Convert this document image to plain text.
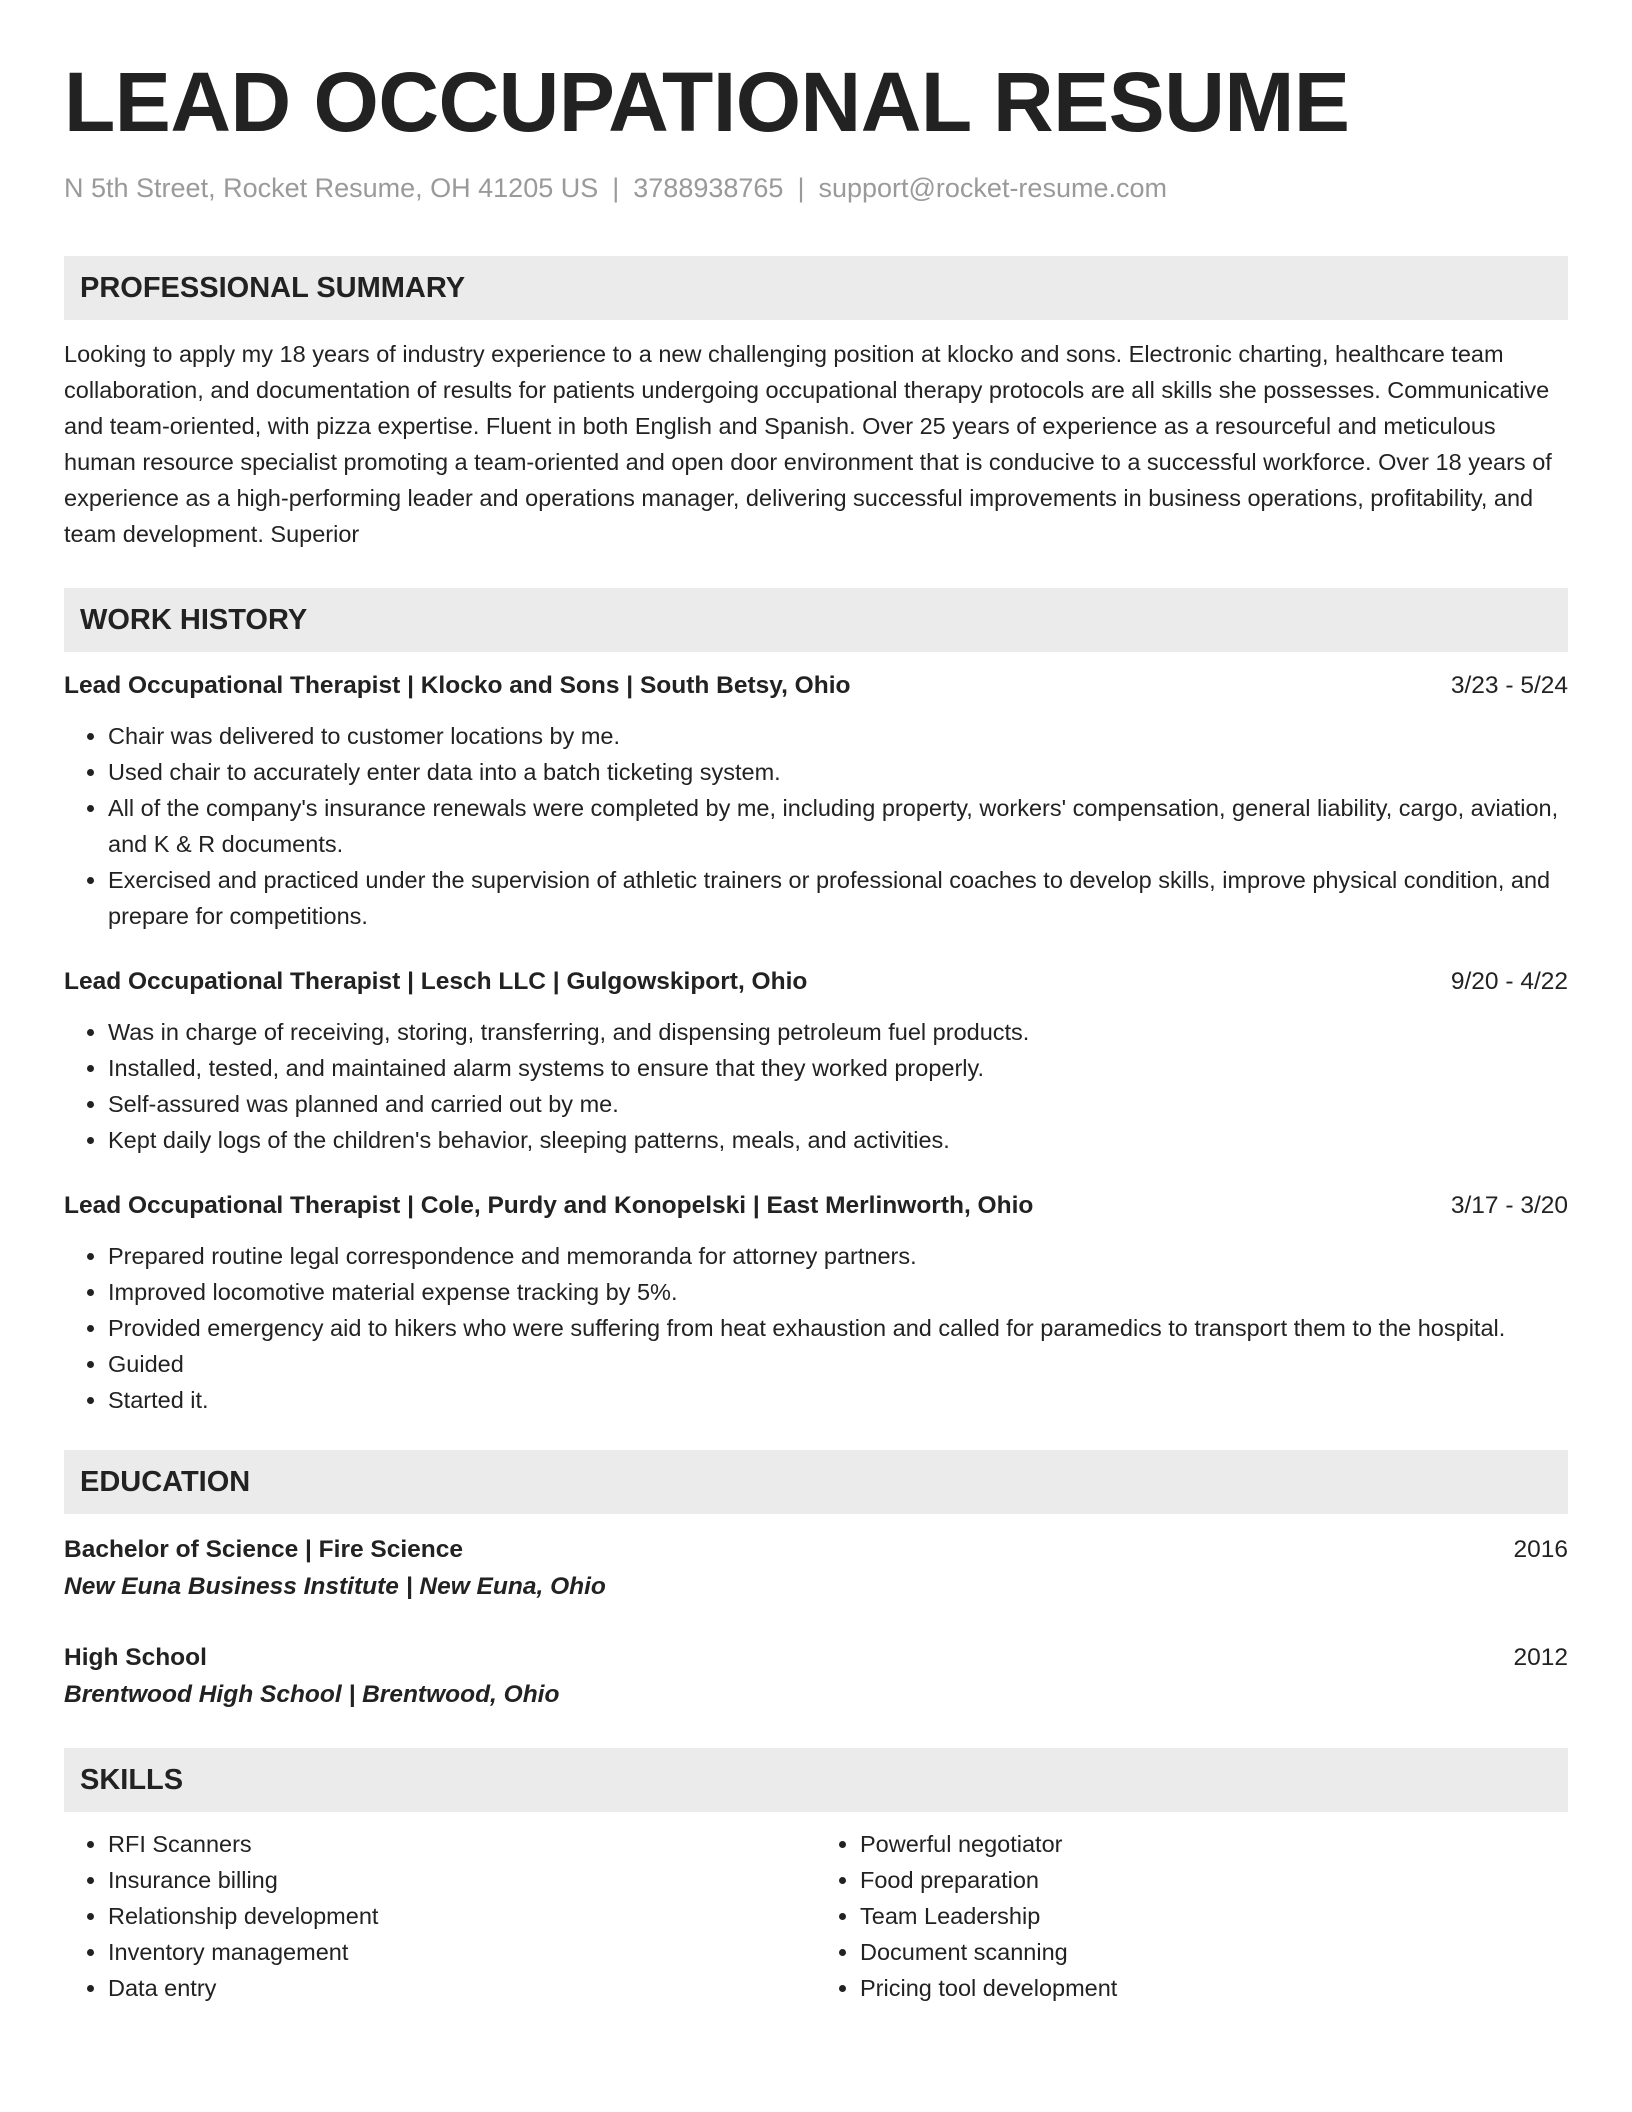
LEAD OCCUPATIONAL RESUME
N 5th Street, Rocket Resume, OH 41205 US | 3788938765 | support@rocket-resume.com
PROFESSIONAL SUMMARY
Looking to apply my 18 years of industry experience to a new challenging position at klocko and sons. Electronic charting, healthcare team collaboration, and documentation of results for patients undergoing occupational therapy protocols are all skills she possesses. Communicative and team-oriented, with pizza expertise. Fluent in both English and Spanish. Over 25 years of experience as a resourceful and meticulous human resource specialist promoting a team-oriented and open door environment that is conducive to a successful workforce. Over 18 years of experience as a high-performing leader and operations manager, delivering successful improvements in business operations, profitability, and team development. Superior
WORK HISTORY
Lead Occupational Therapist | Klocko and Sons | South Betsy, Ohio	3/23 - 5/24
• Chair was delivered to customer locations by me.
• Used chair to accurately enter data into a batch ticketing system.
• All of the company's insurance renewals were completed by me, including property, workers' compensation, general liability, cargo, aviation, and K & R documents.
• Exercised and practiced under the supervision of athletic trainers or professional coaches to develop skills, improve physical condition, and prepare for competitions.
Lead Occupational Therapist | Lesch LLC | Gulgowskiport, Ohio	9/20 - 4/22
• Was in charge of receiving, storing, transferring, and dispensing petroleum fuel products.
• Installed, tested, and maintained alarm systems to ensure that they worked properly.
• Self-assured was planned and carried out by me.
• Kept daily logs of the children's behavior, sleeping patterns, meals, and activities.
Lead Occupational Therapist | Cole, Purdy and Konopelski | East Merlinworth, Ohio	3/17 - 3/20
• Prepared routine legal correspondence and memoranda for attorney partners.
• Improved locomotive material expense tracking by 5%.
• Provided emergency aid to hikers who were suffering from heat exhaustion and called for paramedics to transport them to the hospital.
• Guided
• Started it.
EDUCATION
Bachelor of Science | Fire Science	2016
New Euna Business Institute | New Euna, Ohio
High School	2012
Brentwood High School | Brentwood, Ohio
SKILLS
• RFI Scanners
• Insurance billing
• Relationship development
• Inventory management
• Data entry
• Powerful negotiator
• Food preparation
• Team Leadership
• Document scanning
• Pricing tool development
